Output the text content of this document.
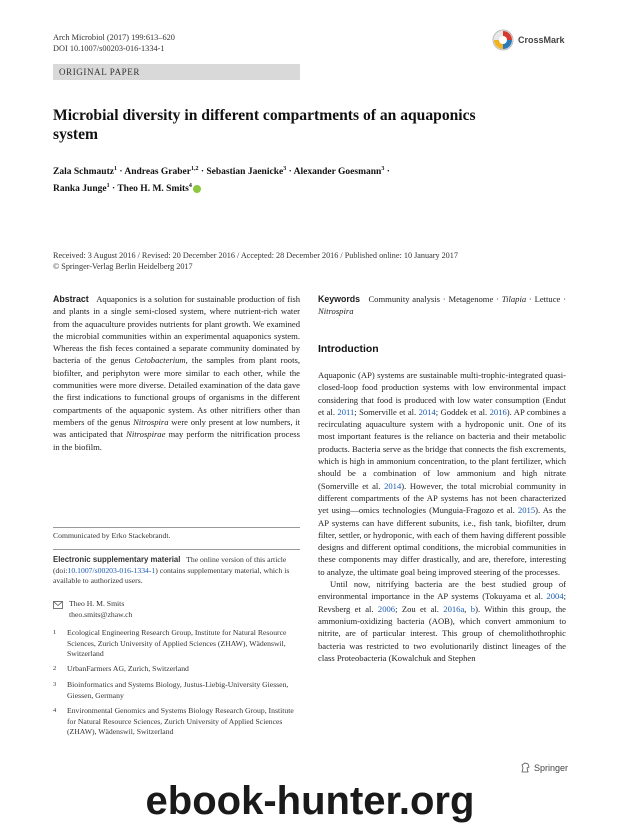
Arch Microbiol (2017) 199:613–620
DOI 10.1007/s00203-016-1334-1
CrossMark
ORIGINAL PAPER
Microbial diversity in different compartments of an aquaponics system
Zala Schmautz$^1$ · Andreas Graber$^{1,2}$ · Sebastian Jaenicke$^3$ · Alexander Goesmann$^3$ ·
Ranka Junge$^1$ · Theo H. M. Smits$^4$
Received: 3 August 2016 / Revised: 20 December 2016 / Accepted: 28 December 2016 / Published online: 10 January 2017
© Springer-Verlag Berlin Heidelberg 2017
Abstract Aquaponics is a solution for sustainable production of fish and plants in a single semi-closed system, where nutrient-rich water from the aquaculture provides nutrients for plant growth. We examined the microbial communities within an experimental aquaponics system. Whereas the fish feces contained a separate community dominated by bacteria of the genus Cetobacterium, the samples from plant roots, biofilter, and periphyton were more similar to each other, while the communities were more diverse. Detailed examination of the data gave the first indications to functional groups of organisms in the different compartments of the aquaponic system. As other nitrifiers other than members of the genus Nitrospira were only present at low numbers, it was anticipated that Nitrospirae may perform the nitrification process in the biofilm.
Keywords Community analysis · Metagenome · Tilapia · Lettuce · Nitrospira
Introduction

Aquaponic (AP) systems are sustainable multi-trophic-integrated quasi-closed-loop food production systems with low environmental impact considering that food is produced with low water consumption (Endut et al. 2011; Somerville et al. 2014; Goddek et al. 2016). AP combines a recirculating aquaculture system with a hydroponic unit. One of its most important features is the reliance on bacteria and their metabolic products. Bacteria serve as the bridge that connects the fish excrements, which is high in ammonium concentration, to the plant fertilizer, which should be a combination of low ammonium and high nitrate (Somerville et al. 2014). However, the total microbial community in different compartments of the AP systems has not been characterized yet using—omics technologies (Munguia-Fragozo et al. 2015). As the AP systems can have different subunits, i.e., fish tank, biofilter, drum filter, settler, or hydroponic, with each of them having different possible designs and different optimal conditions, the microbial communities in these components may differ drastically, and are, therefore, interesting to analyze, the ultimate goal being improved steering of the processes.

Until now, nitrifying bacteria are the best studied group of environmental importance in the AP systems (Tokuyama et al. 2004; Revsberg et al. 2006; Zou et al. 2016a, b). Within this group, the ammonium-oxidizing bacteria (AOB), which convert ammonium to nitrite, are of particular interest. This group of chemolithothrophic bacteria was restricted to two evolutionarily distinct lineages of the class Proteobacteria (Kowalchuk and Stephen

Communicated by Erko Stackebrandt.
Electronic supplementary material The online version of this article (doi:10.1007/s00203-016-1334-1) contains supplementary material, which is available to authorized users.
Theo H. M. Smits
theo.smits@zhaw.ch
1	Ecological Engineering Research Group, Institute for Natural Resource Sciences, Zurich University of Applied Sciences (ZHAW), Wädenswil, Switzerland
2	UrbanFarmers AG, Zurich, Switzerland
3	Bioinformatics and Systems Biology, Justus-Liebig-University Giessen, Giessen, Germany
4	Environmental Genomics and Systems Biology Research Group, Institute for Natural Resource Sciences, Zurich University of Applied Sciences (ZHAW), Wädenswil, Switzerland
Springer
ebook-hunter.org
